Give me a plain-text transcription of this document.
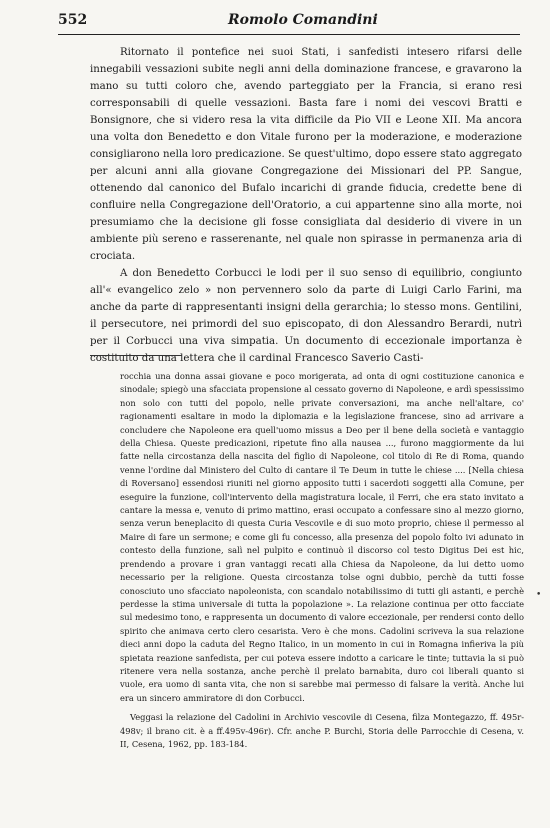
552	Romolo Comandini

Ritornato il pontefice nei suoi Stati, i sanfedisti intesero rifarsi delle innegabili vessazioni subite negli anni della dominazione francese, e gravarono la mano su tutti coloro che, avendo parteggiato per la Francia, si erano resi corresponsabili di quelle vessazioni. Basta fare i nomi dei vescovi Bratti e Bonsignore, che si videro resa la vita difficile da Pio VII e Leone XII. Ma ancora una volta don Benedetto e don Vitale furono per la moderazione, e moderazione consigliarono nella loro predicazione. Se quest'ultimo, dopo essere stato aggregato per alcuni anni alla giovane Congregazione dei Missionari del PP. Sangue, ottenendo dal canonico del Bufalo incarichi di grande fiducia, credette bene di confluire nella Congregazione dell'Oratorio, a cui appartenne sino alla morte, noi presumiamo che la decisione gli fosse consigliata dal desiderio di vivere in un ambiente più sereno e rasserenante, nel quale non spirasse in permanenza aria di crociata.

A don Benedetto Corbucci le lodi per il suo senso di equilibrio, congiunto all'« evangelico zelo » non pervennero solo da parte di Luigi Carlo Farini, ma anche da parte di rappresentanti insigni della gerarchia; lo stesso mons. Gentilini, il persecutore, nei primordi del suo episcopato, di don Alessandro Berardi, nutrì per il Corbucci una viva simpatia. Un documento di eccezionale importanza è costituito da una lettera che il cardinal Francesco Saverio Casti-

rocchia una donna assai giovane e poco morigerata, ad onta di ogni costituzione canonica e sinodale; spiegò una sfacciata propensione al cessato governo di Napoleone, e ardì spessissimo non solo con tutti del popolo, nelle private conversazioni, ma anche nell'altare, co' ragionamenti esaltare in modo la diplomazia e la legislazione francese, sino ad arrivare a concludere che Napoleone era quell'uomo missus a Deo per il bene della società e vantaggio della Chiesa. Queste predicazioni, ripetute fino alla nausea ..., furono maggiormente da lui fatte nella circostanza della nascita del figlio di Napoleone, col titolo di Re di Roma, quando venne l'ordine dal Ministero del Culto di cantare il Te Deum in tutte le chiese .... [Nella chiesa di Roversano] essendosi riuniti nel giorno apposito tutti i sacerdoti soggetti alla Comune, per eseguire la funzione, coll'intervento della magistratura locale, il Ferri, che era stato invitato a cantare la messa e, venuto di primo mattino, erasi occupato a confessare sino al mezzo giorno, senza verun beneplacito di questa Curia Vescovile e di suo moto proprio, chiese il permesso al Maire di fare un sermone; e come gli fu concesso, alla presenza del popolo folto ivi adunato in contesto della funzione, salì nel pulpito e continuò il discorso col testo Digitus Dei est hic, prendendo a provare i gran vantaggi recati alla Chiesa da Napoleone, da lui detto uomo necessario per la religione. Questa circostanza tolse ogni dubbio, perchè da tutti fosse conosciuto uno sfacciato napoleonista, con scandalo notabilissimo di tutti gli astanti, e perchè perdesse la stima universale di tutta la popolazione ». La relazione continua per otto facciate sul medesimo tono, e rappresenta un documento di valore eccezionale, per rendersi conto dello spirito che animava certo clero cesarista. Vero è che mons. Cadolini scriveva la sua relazione dieci anni dopo la caduta del Regno Italico, in un momento in cui in Romagna infieriva la più spietata reazione sanfedista, per cui poteva essere indotto a caricare le tinte; tuttavia la si può ritenere vera nella sostanza, anche perchè il prelato barnabita, duro coi liberali quanto si vuole, era uomo di santa vita, che non si sarebbe mai permesso di falsare la verità. Anche lui era un sincero ammiratore di don Corbucci.

Veggasi la relazione del Cadolini in Archivio vescovile di Cesena, filza Montegazzo, ff. 495r-498v; il brano cit. è a ff.495v-496r). Cfr. anche P. Burchi, Storia delle Parrocchie di Cesena, v. II, Cesena, 1962, pp. 183-184.

•
